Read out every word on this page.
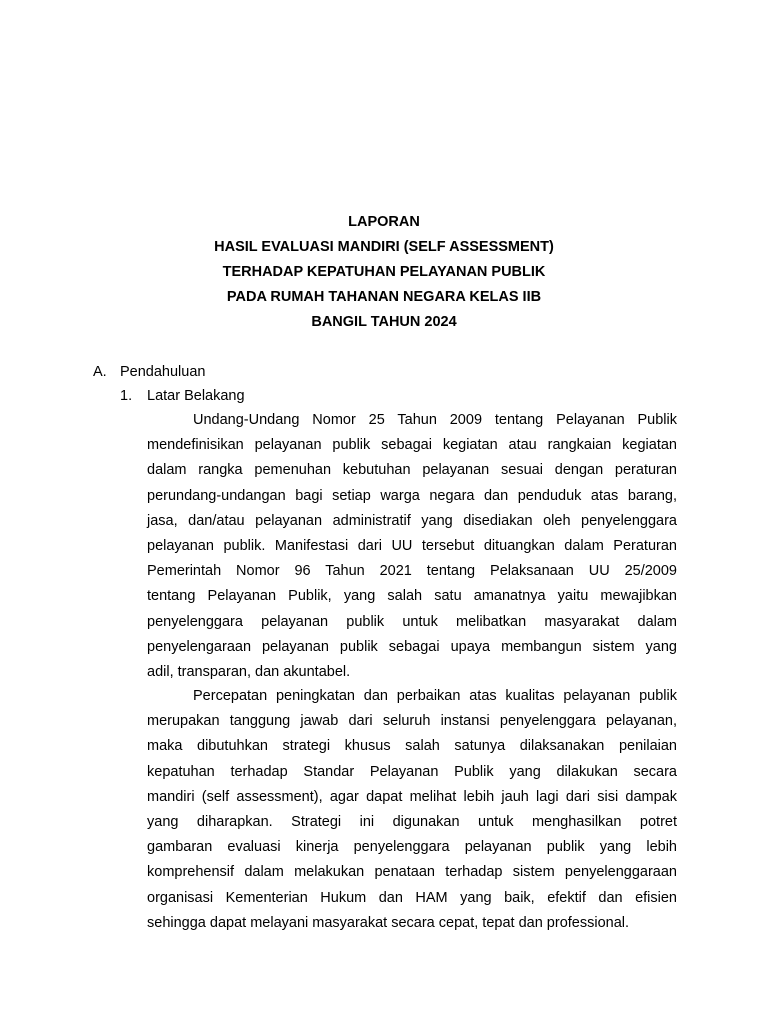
LAPORAN
HASIL EVALUASI MANDIRI (SELF ASSESSMENT)
TERHADAP KEPATUHAN PELAYANAN PUBLIK
PADA RUMAH TAHANAN NEGARA KELAS IIB
BANGIL TAHUN 2024
A. Pendahuluan
1. Latar Belakang
Undang-Undang Nomor 25 Tahun 2009 tentang Pelayanan Publik
mendefinisikan pelayanan publik sebagai kegiatan atau rangkaian kegiatan
dalam rangka pemenuhan kebutuhan pelayanan sesuai dengan peraturan
perundang-undangan bagi setiap warga negara dan penduduk atas barang,
jasa, dan/atau pelayanan administratif yang disediakan oleh penyelenggara
pelayanan publik. Manifestasi dari UU tersebut dituangkan dalam Peraturan
Pemerintah Nomor 96 Tahun 2021 tentang Pelaksanaan UU 25/2009
tentang Pelayanan Publik, yang salah satu amanatnya yaitu mewajibkan
penyelenggara pelayanan publik untuk melibatkan masyarakat dalam
penyelengaraan pelayanan publik sebagai upaya membangun sistem yang
adil, transparan, dan akuntabel.
Percepatan peningkatan dan perbaikan atas kualitas pelayanan publik
merupakan tanggung jawab dari seluruh instansi penyelenggara pelayanan,
maka dibutuhkan strategi khusus salah satunya dilaksanakan penilaian
kepatuhan terhadap Standar Pelayanan Publik yang dilakukan secara
mandiri (self assessment), agar dapat melihat lebih jauh lagi dari sisi dampak
yang diharapkan. Strategi ini digunakan untuk menghasilkan potret
gambaran evaluasi kinerja penyelenggara pelayanan publik yang lebih
komprehensif dalam melakukan penataan terhadap sistem penyelenggaraan
organisasi Kementerian Hukum dan HAM yang baik, efektif dan efisien
sehingga dapat melayani masyarakat secara cepat, tepat dan professional.
